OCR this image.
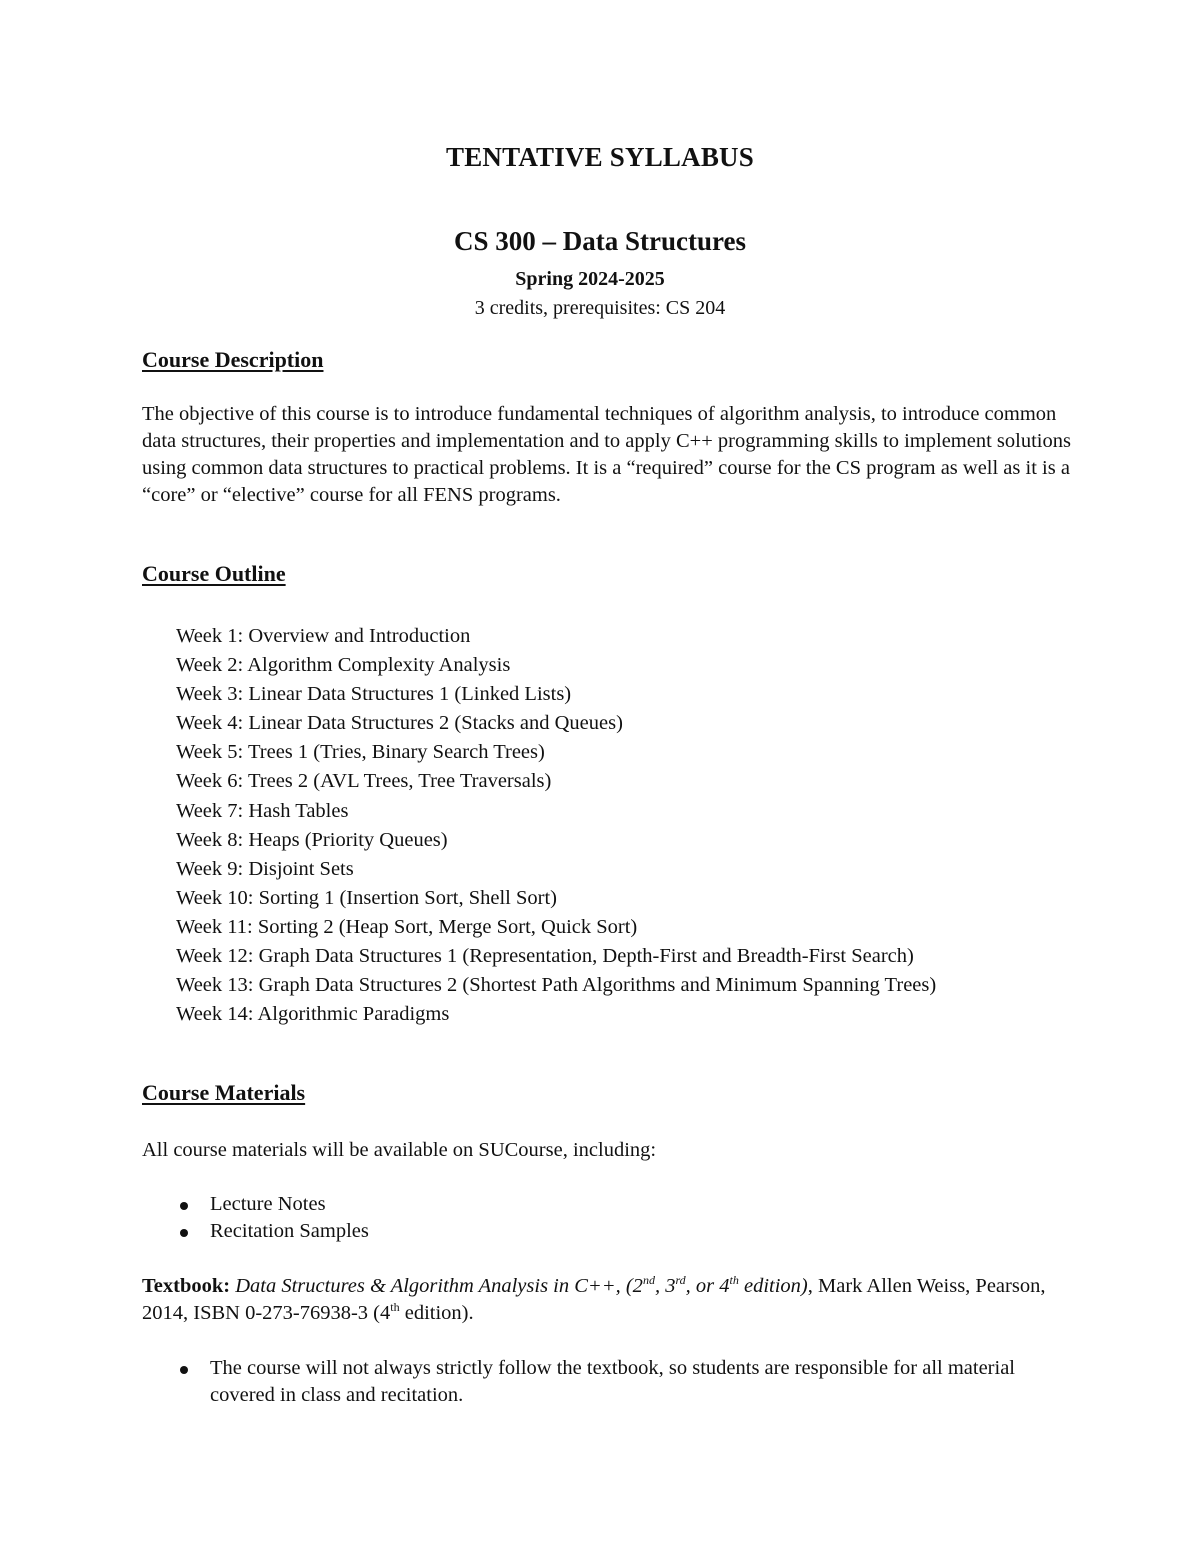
TENTATIVE SYLLABUS
CS 300 – Data Structures
Spring 2024-2025
3 credits, prerequisites: CS 204
Course Description
The objective of this course is to introduce fundamental techniques of algorithm analysis, to introduce common data structures, their properties and implementation and to apply C++ programming skills to implement solutions using common data structures to practical problems. It is a “required” course for the CS program as well as it is a “core” or “elective” course for all FENS programs.
Course Outline
Week 1: Overview and Introduction
Week 2: Algorithm Complexity Analysis
Week 3: Linear Data Structures 1 (Linked Lists)
Week 4: Linear Data Structures 2 (Stacks and Queues)
Week 5: Trees 1 (Tries, Binary Search Trees)
Week 6: Trees 2 (AVL Trees, Tree Traversals)
Week 7: Hash Tables
Week 8: Heaps (Priority Queues)
Week 9: Disjoint Sets
Week 10: Sorting 1 (Insertion Sort, Shell Sort)
Week 11: Sorting 2 (Heap Sort, Merge Sort, Quick Sort)
Week 12: Graph Data Structures 1 (Representation, Depth-First and Breadth-First Search)
Week 13: Graph Data Structures 2 (Shortest Path Algorithms and Minimum Spanning Trees)
Week 14: Algorithmic Paradigms
Course Materials
All course materials will be available on SUCourse, including:
Lecture Notes
Recitation Samples
Textbook: Data Structures & Algorithm Analysis in C++, (2nd, 3rd, or 4th edition), Mark Allen Weiss, Pearson, 2014, ISBN 0-273-76938-3 (4th edition).
The course will not always strictly follow the textbook, so students are responsible for all material covered in class and recitation.
